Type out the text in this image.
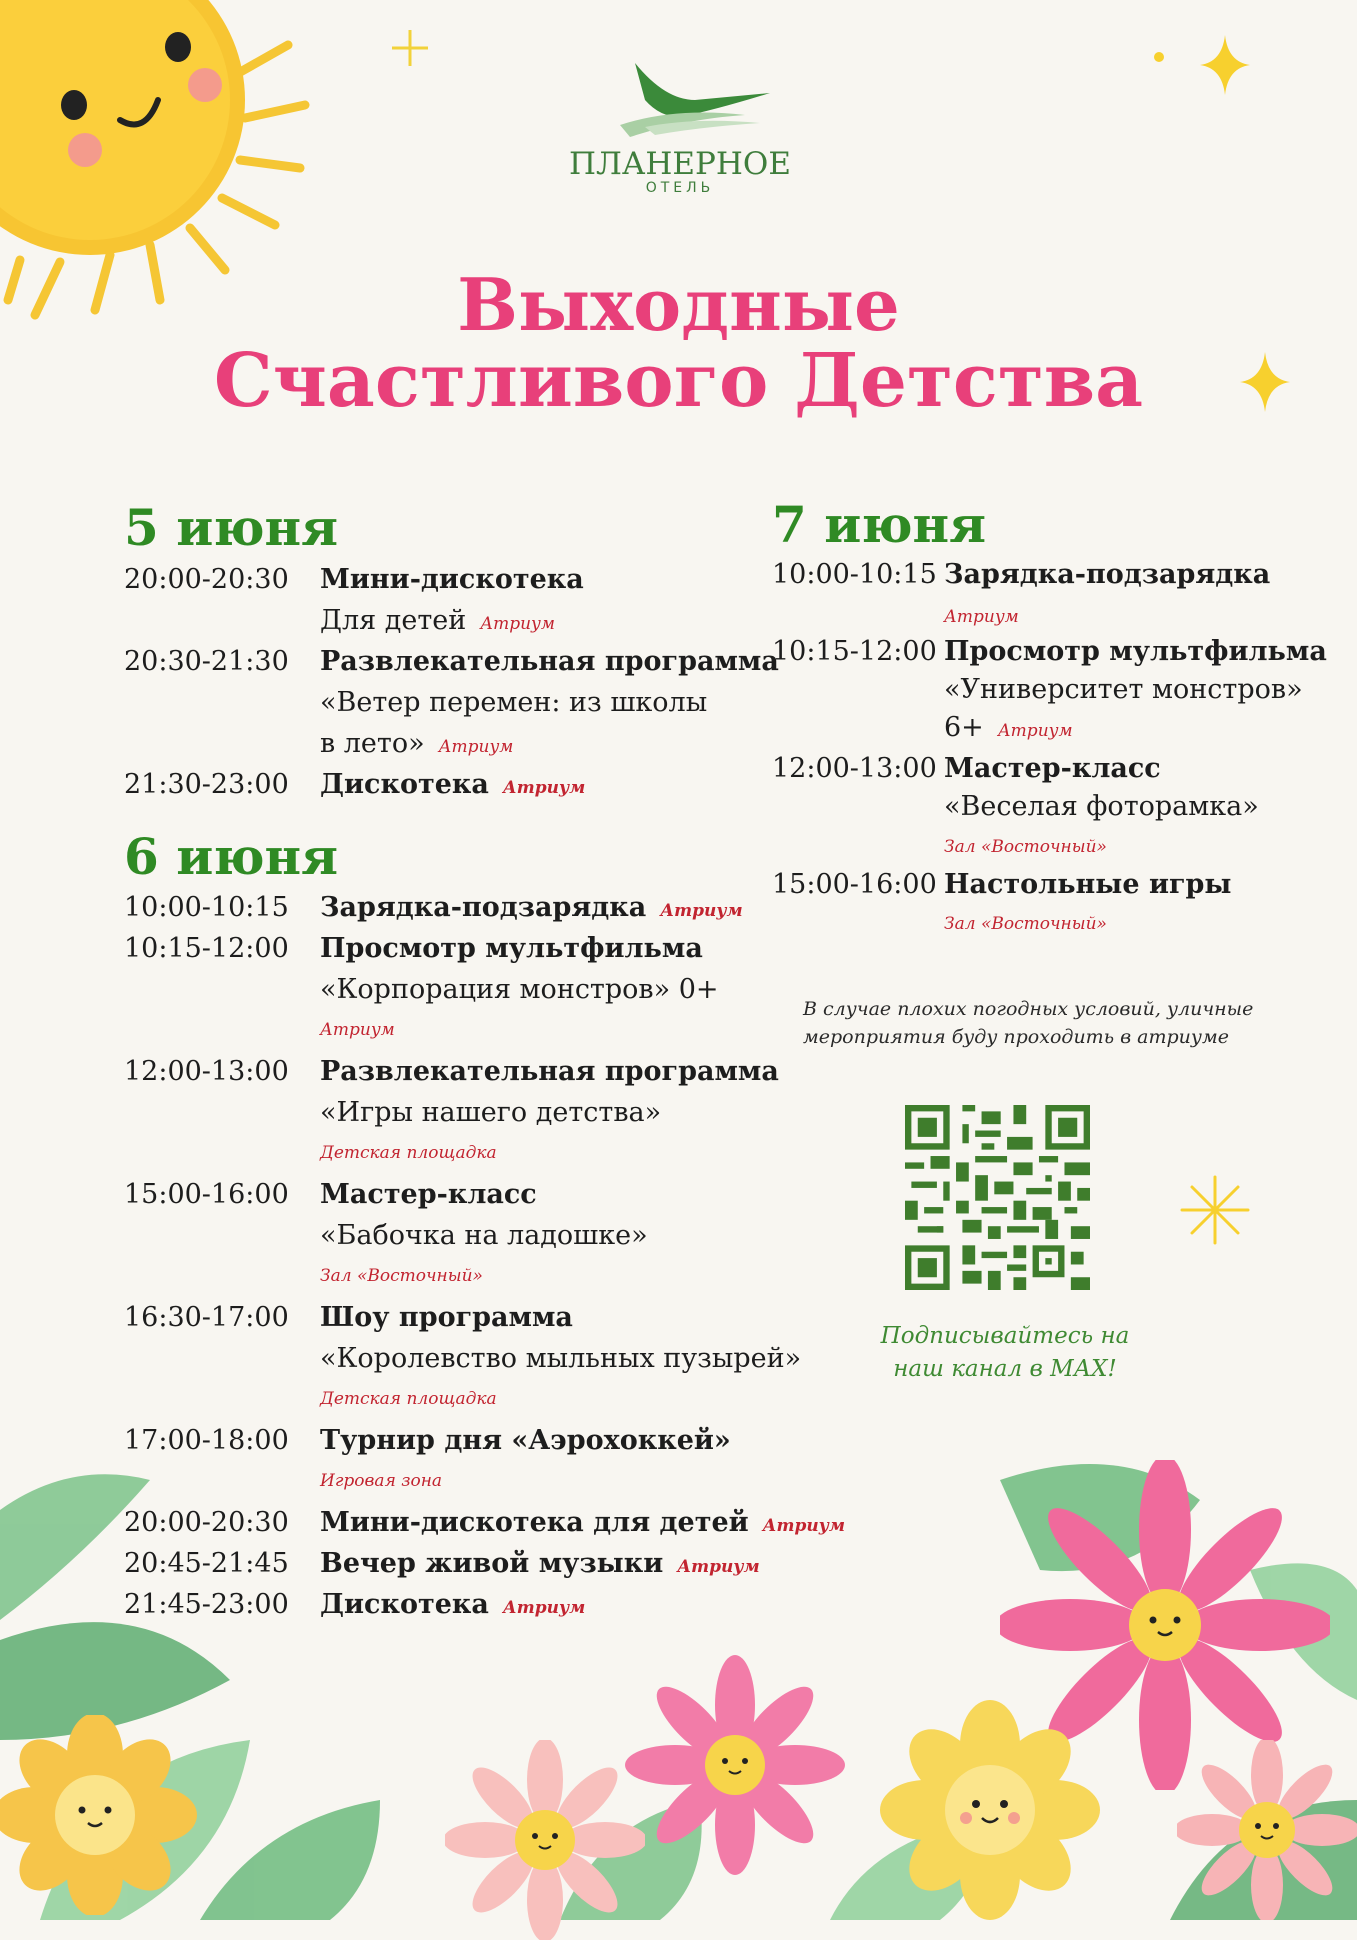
ПЛАНЕРНОЕ
ОТЕЛЬ
Выходные
Счастливого Детства
5 июня
20:00-20:30 Мини-дискотека
Для детей Атриум
20:30-21:30 Развлекательная программа
«Ветер перемен: из школы
в лето» Атриум
21:30-23:00 Дискотека Атриум
6 июня
10:00-10:15 Зарядка-подзарядка Атриум
10:15-12:00 Просмотр мультфильма
«Корпорация монстров» 0+
Атриум
12:00-13:00 Развлекательная программа
«Игры нашего детства»
Детская площадка
15:00-16:00 Мастер-класс
«Бабочка на ладошке»
Зал «Восточный»
16:30-17:00 Шоу программа
«Королевство мыльных пузырей»
Детская площадка
17:00-18:00 Турнир дня «Аэрохоккей»
Игровая зона
20:00-20:30 Мини-дискотека для детей Атриум
20:45-21:45 Вечер живой музыки Атриум
21:45-23:00 Дискотека Атриум
7 июня
10:00-10:15 Зарядка-подзарядка
Атриум
10:15-12:00 Просмотр мультфильма
«Университет монстров»
6+ Атриум
12:00-13:00 Мастер-класс
«Веселая фоторамка»
Зал «Восточный»
15:00-16:00 Настольные игры
Зал «Восточный»
В случае плохих погодных условий, уличные мероприятия буду проходить в атриуме
Подписывайтесь на наш канал в МАХ!
